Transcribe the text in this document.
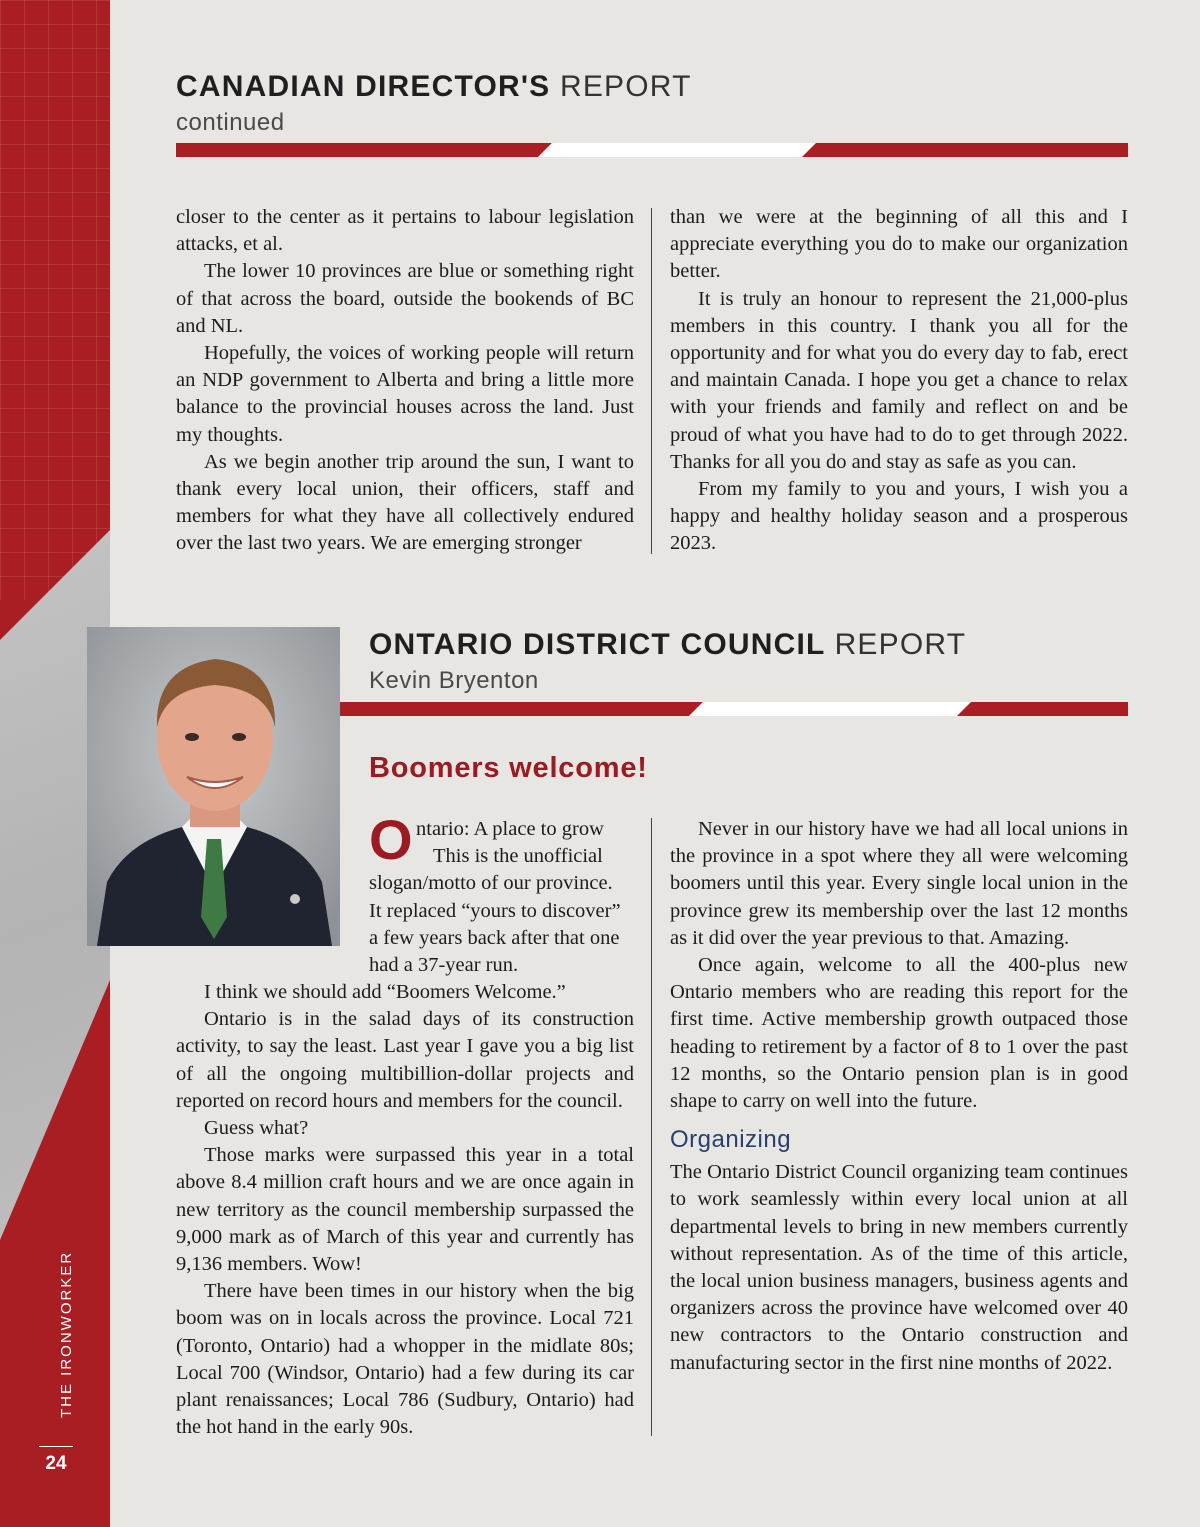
THE IRONWORKER
24
CANADIAN DIRECTOR'S REPORT
continued

closer to the center as it pertains to labour legislation attacks, et al.

The lower 10 provinces are blue or something right of that across the board, outside the bookends of BC and NL.

Hopefully, the voices of working people will return an NDP government to Alberta and bring a little more balance to the provincial houses across the land. Just my thoughts.

As we begin another trip around the sun, I want to thank every local union, their officers, staff and members for what they have all collectively endured over the last two years. We are emerging stronger

than we were at the beginning of all this and I appreciate everything you do to make our organization better.

It is truly an honour to represent the 21,000-plus members in this country. I thank you all for the opportunity and for what you do every day to fab, erect and maintain Canada. I hope you get a chance to relax with your friends and family and reflect on and be proud of what you have had to do to get through 2022. Thanks for all you do and stay as safe as you can.

From my family to you and yours, I wish you a happy and healthy holiday season and a prosperous 2023.

ONTARIO DISTRICT COUNCIL REPORT
Kevin Bryenton
Boomers welcome!
O ntario: A place to grow
This is the unofficial
slogan/motto of our province.
It replaced “yours to discover”
a few years back after that one
had a 37-year run.

I think we should add “Boomers Welcome.”

Ontario is in the salad days of its construction activity, to say the least. Last year I gave you a big list of all the ongoing multibillion-dollar projects and reported on record hours and members for the council.

Guess what?

Those marks were surpassed this year in a total above 8.4 million craft hours and we are once again in new territory as the council membership surpassed the 9,000 mark as of March of this year and currently has 9,136 members. Wow!

There have been times in our history when the big boom was on in locals across the province. Local 721 (Toronto, Ontario) had a whopper in the midlate 80s; Local 700 (Windsor, Ontario) had a few during its car plant renaissances; Local 786 (Sudbury, Ontario) had the hot hand in the early 90s.

Never in our history have we had all local unions in the province in a spot where they all were welcoming boomers until this year. Every single local union in the province grew its membership over the last 12 months as it did over the year previous to that. Amazing.

Once again, welcome to all the 400-plus new Ontario members who are reading this report for the first time. Active membership growth outpaced those heading to retirement by a factor of 8 to 1 over the past 12 months, so the Ontario pension plan is in good shape to carry on well into the future.

Organizing

The Ontario District Council organizing team continues to work seamlessly within every local union at all departmental levels to bring in new members currently without representation. As of the time of this article, the local union business managers, business agents and organizers across the province have welcomed over 40 new contractors to the Ontario construction and manufacturing sector in the first nine months of 2022.
